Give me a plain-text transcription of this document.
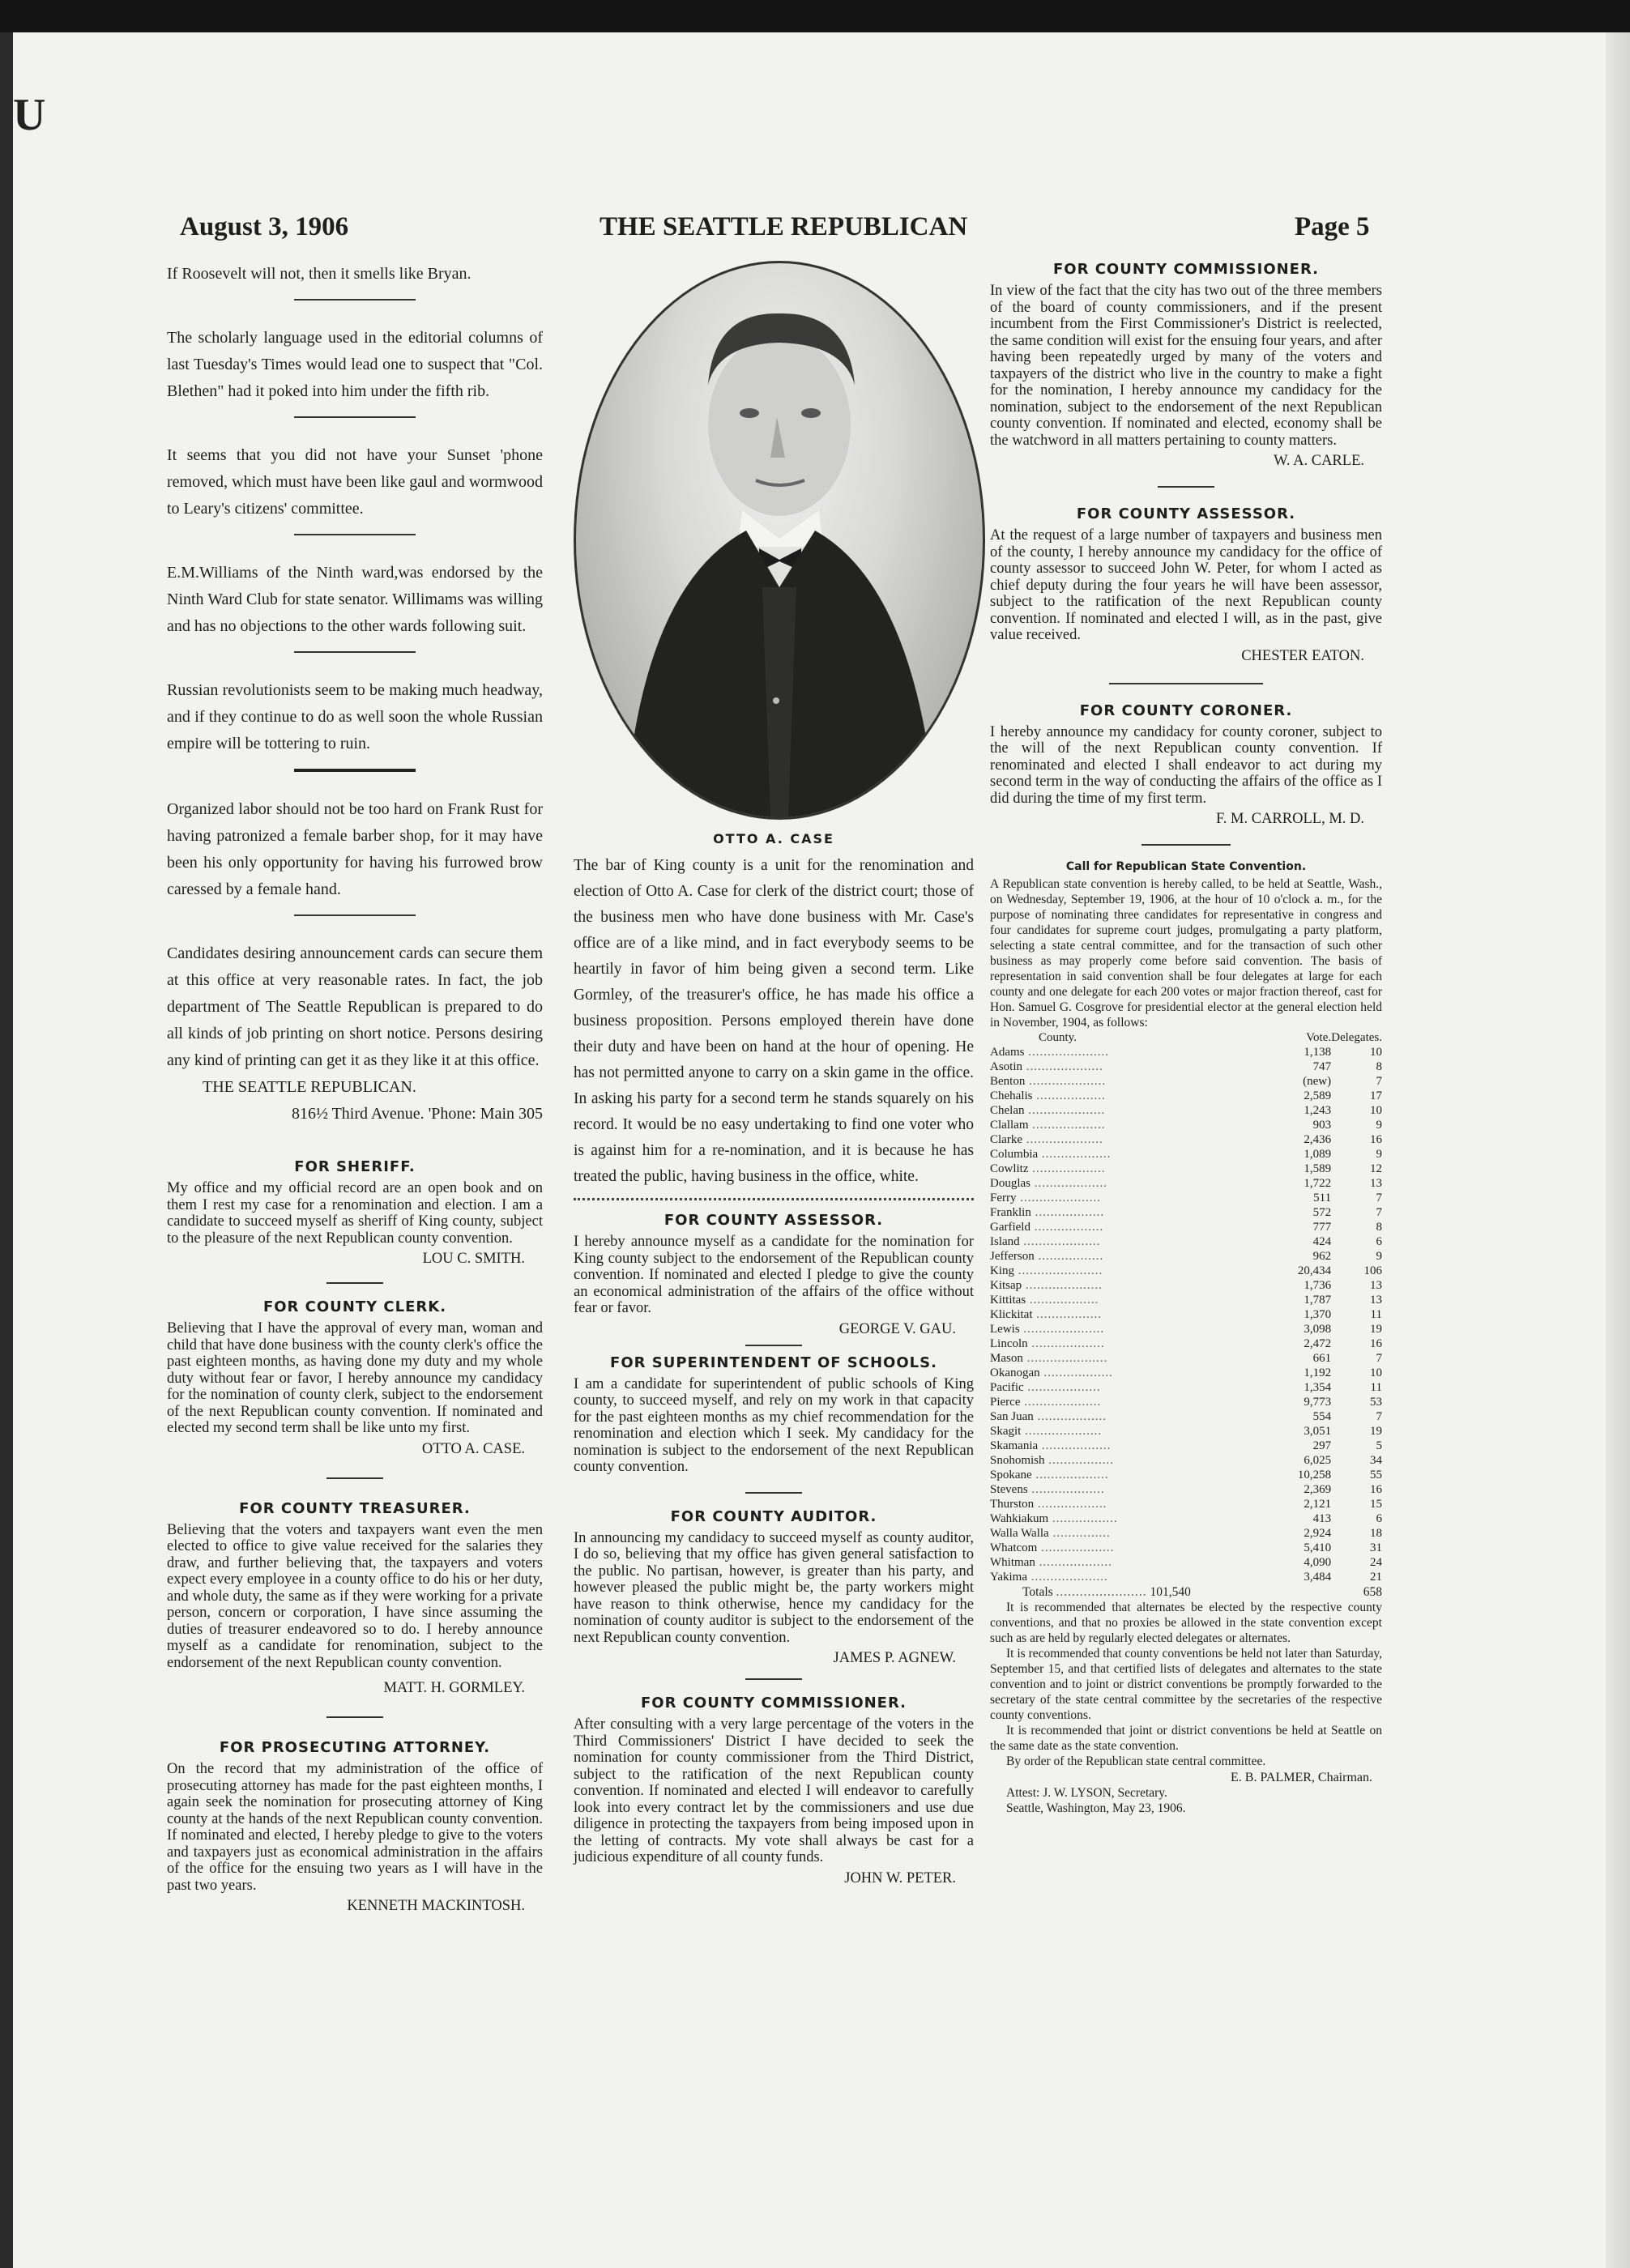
U
August 3, 1906	THE SEATTLE REPUBLICAN	Page 5

If Roosevelt will not, then it smells like Bryan.

The scholarly language used in the editorial columns of last Tuesday's Times would lead one to suspect that "Col. Blethen" had it poked into him under the fifth rib.

It seems that you did not have your Sunset 'phone removed, which must have been like gaul and wormwood to Leary's citizens' committee.

E.M.Williams of the Ninth ward,was endorsed by the Ninth Ward Club for state senator. Willimams was willing and has no objections to the other wards following suit.

Russian revolutionists seem to be making much headway, and if they continue to do as well soon the whole Russian empire will be tottering to ruin.

Organized labor should not be too hard on Frank Rust for having patronized a female barber shop, for it may have been his only opportunity for having his furrowed brow caressed by a female hand.

Candidates desiring announcement cards can secure them at this office at very reasonable rates. In fact, the job department of The Seattle Republican is prepared to do all kinds of job printing on short notice. Persons desiring any kind of printing can get it as they like it at this office.

THE SEATTLE REPUBLICAN.

816½ Third Avenue. 'Phone: Main 305

FOR SHERIFF.

My office and my official record are an open book and on them I rest my case for a renomination and election. I am a candidate to succeed myself as sheriff of King county, subject to the pleasure of the next Republican county convention.

LOU C. SMITH.

FOR COUNTY CLERK.

Believing that I have the approval of every man, woman and child that have done business with the county clerk's office the past eighteen months, as having done my duty and my whole duty without fear or favor, I hereby announce my candidacy for the nomination of county clerk, subject to the endorsement of the next Republican county convention. If nominated and elected my second term shall be like unto my first.

OTTO A. CASE.

FOR COUNTY TREASURER.

Believing that the voters and taxpayers want even the men elected to office to give value received for the salaries they draw, and further believing that, the taxpayers and voters expect every employee in a county office to do his or her duty, and whole duty, the same as if they were working for a private person, concern or corporation, I have since assuming the duties of treasurer endeavored so to do. I hereby announce myself as a candidate for renomination, subject to the endorsement of the next Republican county convention.

MATT. H. GORMLEY.

FOR PROSECUTING ATTORNEY.

On the record that my administration of the office of prosecuting attorney has made for the past eighteen months, I again seek the nomination for prosecuting attorney of King county at the hands of the next Republican county convention. If nominated and elected, I hereby pledge to give to the voters and taxpayers just as economical administration in the affairs of the office for the ensuing two years as I will have in the past two years.

KENNETH MACKINTOSH.

OTTO A. CASE

The bar of King county is a unit for the renomination and election of Otto A. Case for clerk of the district court; those of the business men who have done business with Mr. Case's office are of a like mind, and in fact everybody seems to be heartily in favor of him being given a second term. Like Gormley, of the treasurer's office, he has made his office a business proposition. Persons employed therein have done their duty and have been on hand at the hour of opening. He has not permitted anyone to carry on a skin game in the office. In asking his party for a second term he stands squarely on his record. It would be no easy undertaking to find one voter who is against him for a re-nomination, and it is because he has treated the public, having business in the office, white.

FOR COUNTY ASSESSOR.

I hereby announce myself as a candidate for the nomination for King county subject to the endorsement of the Republican county convention. If nominated and elected I pledge to give the county an economical administration of the affairs of the office without fear or favor.

GEORGE V. GAU.

FOR SUPERINTENDENT OF SCHOOLS.

I am a candidate for superintendent of public schools of King county, to succeed myself, and rely on my work in that capacity for the past eighteen months as my chief recommendation for the renomination and election which I seek. My candidacy for the nomination is subject to the endorsement of the next Republican county convention.

FOR COUNTY AUDITOR.

In announcing my candidacy to succeed myself as county auditor, I do so, believing that my office has given general satisfaction to the public. No partisan, however, is greater than his party, and however pleased the public might be, the party workers might have reason to think otherwise, hence my candidacy for the nomination of county auditor is subject to the endorsement of the next Republican county convention.

JAMES P. AGNEW.

FOR COUNTY COMMISSIONER.

After consulting with a very large percentage of the voters in the Third Commissioners' District I have decided to seek the nomination for county commissioner from the Third District, subject to the ratification of the next Republican county convention. If nominated and elected I will endeavor to carefully look into every contract let by the commissioners and use due diligence in protecting the taxpayers from being imposed upon in the letting of contracts. My vote shall always be cast for a judicious expenditure of all county funds.

JOHN W. PETER.

FOR COUNTY COMMISSIONER.

In view of the fact that the city has two out of the three members of the board of county commissioners, and if the present incumbent from the First Commissioner's District is reelected, the same condition will exist for the ensuing four years, and after having been repeatedly urged by many of the voters and taxpayers of the district who live in the country to make a fight for the nomination, I hereby announce my candidacy for the nomination, subject to the endorsement of the next Republican county convention. If nominated and elected, economy shall be the watchword in all matters pertaining to county matters.

W. A. CARLE.

FOR COUNTY ASSESSOR.

At the request of a large number of taxpayers and business men of the county, I hereby announce my candidacy for the office of county assessor to succeed John W. Peter, for whom I acted as chief deputy during the four years he will have been assessor, subject to the ratification of the next Republican county convention. If nominated and elected I will, as in the past, give value received.

CHESTER EATON.

FOR COUNTY CORONER.

I hereby announce my candidacy for county coroner, subject to the will of the next Republican county convention. If renominated and elected I shall endeavor to act during my second term in the way of conducting the affairs of the office as I did during the time of my first term.

F. M. CARROLL, M. D.

Call for Republican State Convention.

A Republican state convention is hereby called, to be held at Seattle, Wash., on Wednesday, September 19, 1906, at the hour of 10 o'clock a. m., for the purpose of nominating three candidates for representative in congress and four candidates for supreme court judges, promulgating a party platform, selecting a state central committee, and for the transaction of such other business as may properly come before said convention. The basis of representation in said convention shall be four delegates at large for each county and one delegate for each 200 votes or major fraction thereof, cast for Hon. Samuel G. Cosgrove for presidential elector at the general election held in November, 1904, as follows:

County.	Vote.	Delegates.
Adams .....................	1,138	10
Asotin ....................	747	8
Benton ....................	(new)	7
Chehalis ..................	2,589	17
Chelan ....................	1,243	10
Clallam ...................	903	9
Clarke ....................	2,436	16
Columbia ..................	1,089	9
Cowlitz ...................	1,589	12
Douglas ...................	1,722	13
Ferry .....................	511	7
Franklin ..................	572	7
Garfield ..................	777	8
Island ....................	424	6
Jefferson .................	962	9
King ......................	20,434	106
Kitsap ....................	1,736	13
Kittitas ..................	1,787	13
Klickitat .................	1,370	11
Lewis .....................	3,098	19
Lincoln ...................	2,472	16
Mason .....................	661	7
Okanogan ..................	1,192	10
Pacific ...................	1,354	11
Pierce ....................	9,773	53
San Juan ..................	554	7
Skagit ....................	3,051	19
Skamania ..................	297	5
Snohomish .................	6,025	34
Spokane ...................	10,258	55
Stevens ...................	2,369	16
Thurston ..................	2,121	15
Wahkiakum .................	413	6
Walla Walla ...............	2,924	18
Whatcom ...................	5,410	31
Whitman ...................	4,090	24
Yakima ....................	3,484	21

Totals ....................... 101,540	658

It is recommended that alternates be elected by the respective county conventions, and that no proxies be allowed in the state convention except such as are held by regularly elected delegates or alternates.

It is recommended that county conventions be held not later than Saturday, September 15, and that certified lists of delegates and alternates to the state convention and to joint or district conventions be promptly forwarded to the secretary of the state central committee by the secretaries of the respective county conventions.

It is recommended that joint or district conventions be held at Seattle on the same date as the state convention.

By order of the Republican state central committee.

E. B. PALMER, Chairman.

Attest: J. W. LYSON, Secretary.

Seattle, Washington, May 23, 1906.
